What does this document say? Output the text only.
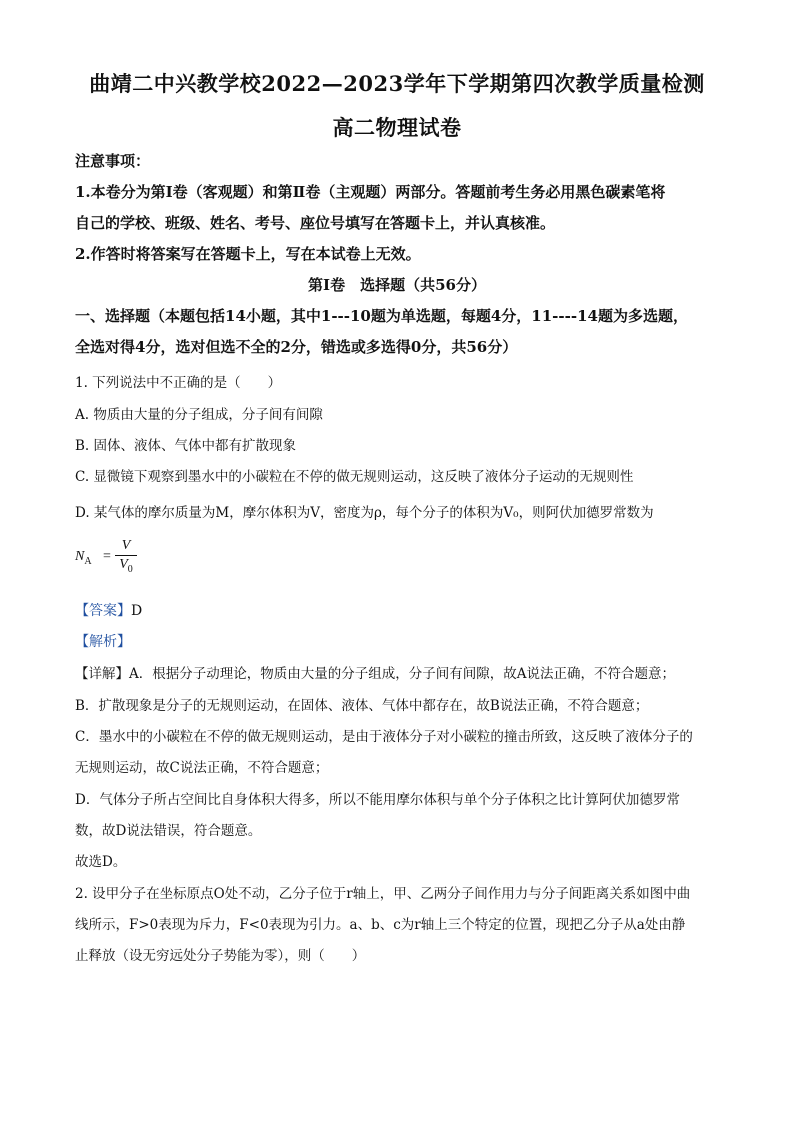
曲靖二中兴教学校2022—2023学年下学期第四次教学质量检测
高二物理试卷
注意事项：
1.本卷分为第Ⅰ卷（客观题）和第Ⅱ卷（主观题）两部分。答题前考生务必用黑色碳素笔将
自己的学校、班级、姓名、考号、座位号填写在答题卡上，并认真核准。
2.作答时将答案写在答题卡上，写在本试卷上无效。
第Ⅰ卷　选择题（共56分）
一、选择题（本题包括14小题，其中1---10题为单选题，每题4分，11----14题为多选题，
全选对得4分，选对但选不全的2分，错选或多选得0分，共56分）
1. 下列说法中不正确的是（　　）
A. 物质由大量的分子组成，分子间有间隙
B. 固体、液体、气体中都有扩散现象
C. 显微镜下观察到墨水中的小碳粒在不停的做无规则运动，这反映了液体分子运动的无规则性
D. 某气体的摩尔质量为M，摩尔体积为V，密度为ρ，每个分子的体积为V₀，则阿伏加德罗常数为
$N_A$ =
V
$V_0$
【答案】D
【解析】
【详解】A．根据分子动理论，物质由大量的分子组成，分子间有间隙，故A说法正确，不符合题意；
B．扩散现象是分子的无规则运动，在固体、液体、气体中都存在，故B说法正确，不符合题意；
C．墨水中的小碳粒在不停的做无规则运动，是由于液体分子对小碳粒的撞击所致，这反映了液体分子的
无规则运动，故C说法正确，不符合题意；
D．气体分子所占空间比自身体积大得多，所以不能用摩尔体积与单个分子体积之比计算阿伏加德罗常
数，故D说法错误，符合题意。
故选D。
2. 设甲分子在坐标原点O处不动，乙分子位于r轴上，甲、乙两分子间作用力与分子间距离关系如图中曲
线所示，F>0表现为斥力，F<0表现为引力。a、b、c为r轴上三个特定的位置，现把乙分子从a处由静
止释放（设无穷远处分子势能为零），则（　　）
